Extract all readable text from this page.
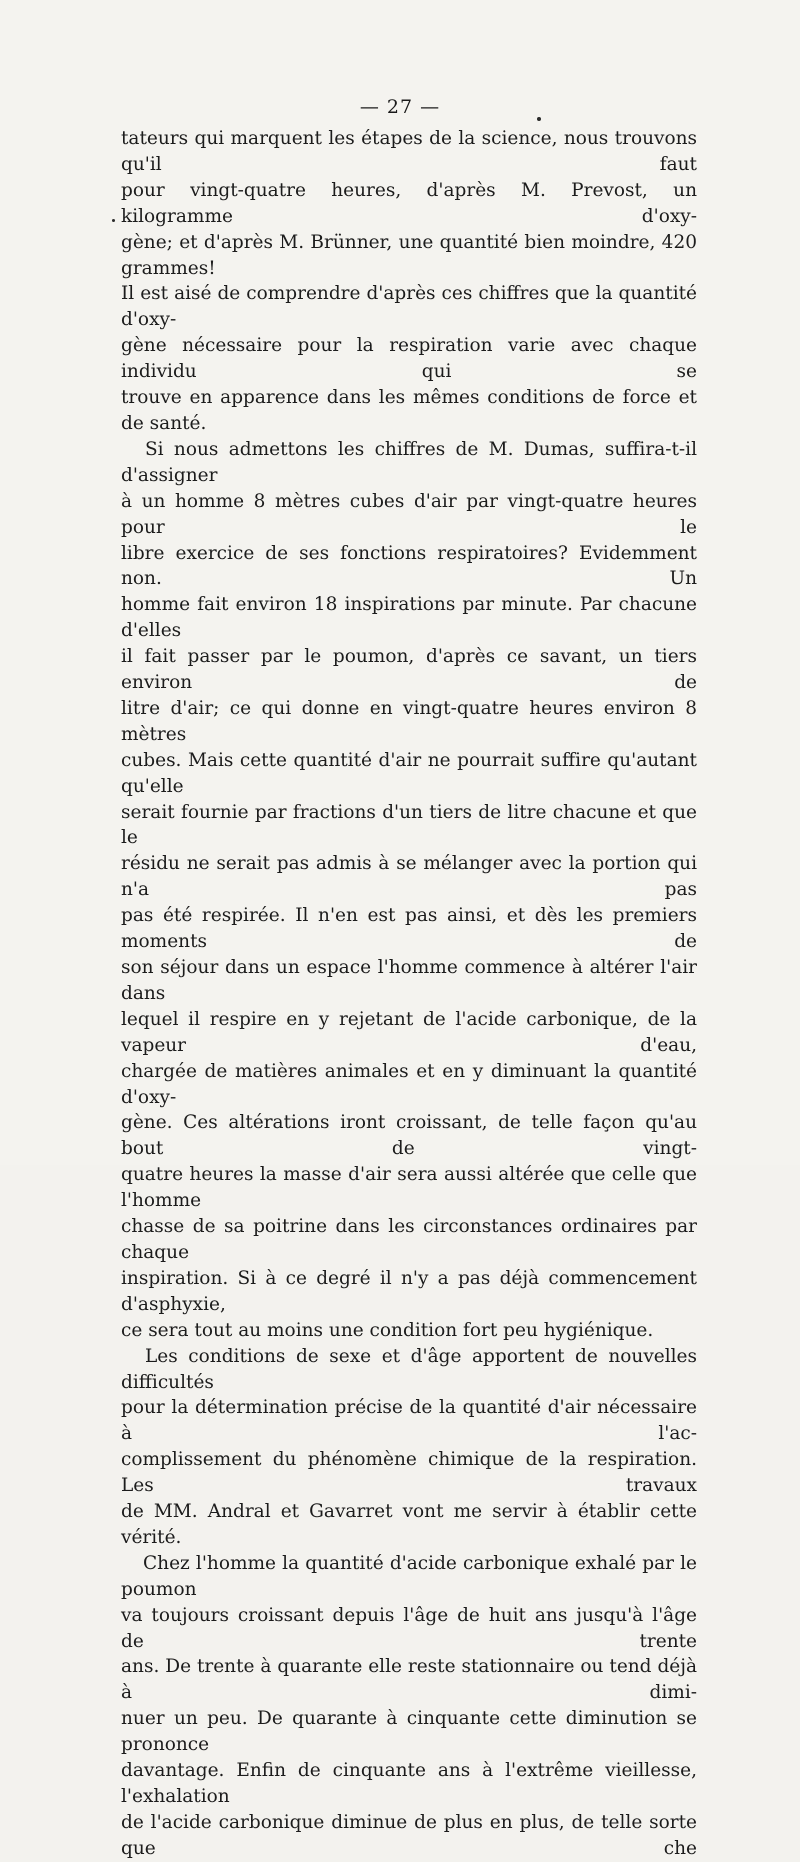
— 27 —

tateurs qui marquent les étapes de la science, nous trouvons qu'il faut

pour vingt-quatre heures, d'après M. Prevost, un kilogramme d'oxy-

gène; et d'après M. Brünner, une quantité bien moindre, 420 grammes!

Il est aisé de comprendre d'après ces chiffres que la quantité d'oxy-

gène nécessaire pour la respiration varie avec chaque individu qui se

trouve en apparence dans les mêmes conditions de force et de santé.

Si nous admettons les chiffres de M. Dumas, suffira-t-il d'assigner

à un homme 8 mètres cubes d'air par vingt-quatre heures pour le

libre exercice de ses fonctions respiratoires? Evidemment non. Un

homme fait environ 18 inspirations par minute. Par chacune d'elles

il fait passer par le poumon, d'après ce savant, un tiers environ de

litre d'air; ce qui donne en vingt-quatre heures environ 8 mètres

cubes. Mais cette quantité d'air ne pourrait suffire qu'autant qu'elle

serait fournie par fractions d'un tiers de litre chacune et que le

résidu ne serait pas admis à se mélanger avec la portion qui n'a pas

pas été respirée. Il n'en est pas ainsi, et dès les premiers moments de

son séjour dans un espace l'homme commence à altérer l'air dans

lequel il respire en y rejetant de l'acide carbonique, de la vapeur d'eau,

chargée de matières animales et en y diminuant la quantité d'oxy-

gène. Ces altérations iront croissant, de telle façon qu'au bout de vingt-

quatre heures la masse d'air sera aussi altérée que celle que l'homme

chasse de sa poitrine dans les circonstances ordinaires par chaque

inspiration. Si à ce degré il n'y a pas déjà commencement d'asphyxie,

ce sera tout au moins une condition fort peu hygiénique.

Les conditions de sexe et d'âge apportent de nouvelles difficultés

pour la détermination précise de la quantité d'air nécessaire à l'ac-

complissement du phénomène chimique de la respiration. Les travaux

de MM. Andral et Gavarret vont me servir à établir cette vérité.

Chez l'homme la quantité d'acide carbonique exhalé par le poumon

va toujours croissant depuis l'âge de huit ans jusqu'à l'âge de trente

ans. De trente à quarante elle reste stationnaire ou tend déjà à dimi-

nuer un peu. De quarante à cinquante cette diminution se prononce

davantage. Enfin de cinquante ans à l'extrême vieillesse, l'exhalation

de l'acide carbonique diminue de plus en plus, de telle sorte que che
